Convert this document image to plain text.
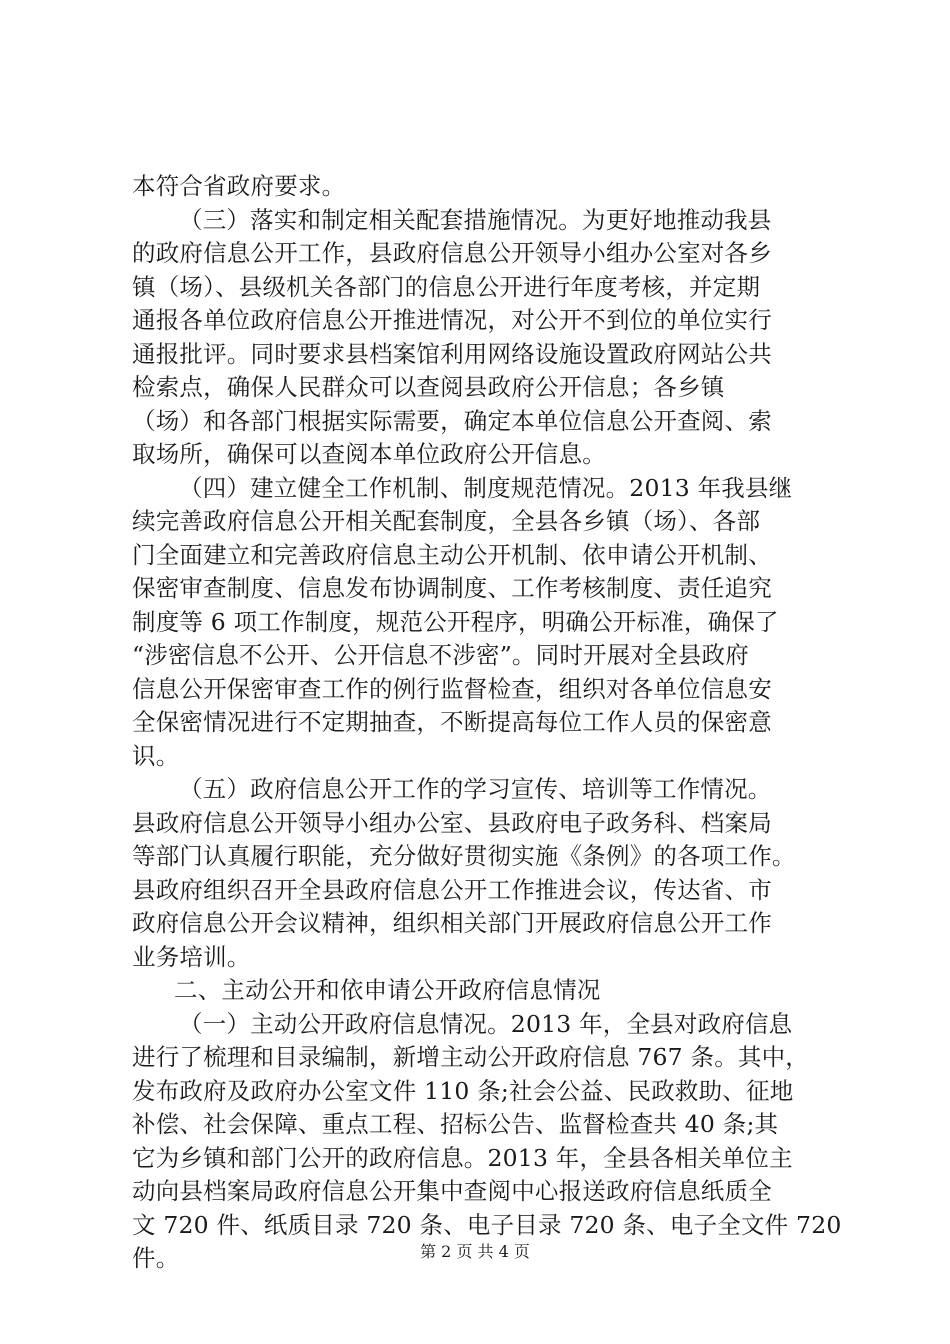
本符合省政府要求。
（三）落实和制定相关配套措施情况。为更好地推动我县
的政府信息公开工作，县政府信息公开领导小组办公室对各乡
镇（场）、县级机关各部门的信息公开进行年度考核，并定期
通报各单位政府信息公开推进情况，对公开不到位的单位实行
通报批评。同时要求县档案馆利用网络设施设置政府网站公共
检索点，确保人民群众可以查阅县政府公开信息；各乡镇
（场）和各部门根据实际需要，确定本单位信息公开查阅、索
取场所，确保可以查阅本单位政府公开信息。
（四）建立健全工作机制、制度规范情况。2013 年我县继
续完善政府信息公开相关配套制度，全县各乡镇（场）、各部
门全面建立和完善政府信息主动公开机制、依申请公开机制、
保密审查制度、信息发布协调制度、工作考核制度、责任追究
制度等 6 项工作制度，规范公开程序，明确公开标准，确保了
“涉密信息不公开、公开信息不涉密”。同时开展对全县政府
信息公开保密审查工作的例行监督检查，组织对各单位信息安
全保密情况进行不定期抽查，不断提高每位工作人员的保密意
识。
（五）政府信息公开工作的学习宣传、培训等工作情况。
县政府信息公开领导小组办公室、县政府电子政务科、档案局
等部门认真履行职能，充分做好贯彻实施《条例》的各项工作。
县政府组织召开全县政府信息公开工作推进会议，传达省、市
政府信息公开会议精神，组织相关部门开展政府信息公开工作
业务培训。
二、主动公开和依申请公开政府信息情况
（一）主动公开政府信息情况。2013 年，全县对政府信息
进行了梳理和目录编制，新增主动公开政府信息 767 条。其中，
发布政府及政府办公室文件 110 条;社会公益、民政救助、征地
补偿、社会保障、重点工程、招标公告、监督检查共 40 条;其
它为乡镇和部门公开的政府信息。2013 年，全县各相关单位主
动向县档案局政府信息公开集中查阅中心报送政府信息纸质全
文 720 件、纸质目录 720 条、电子目录 720 条、电子全文件 720
件。	第 2 页 共 4 页
